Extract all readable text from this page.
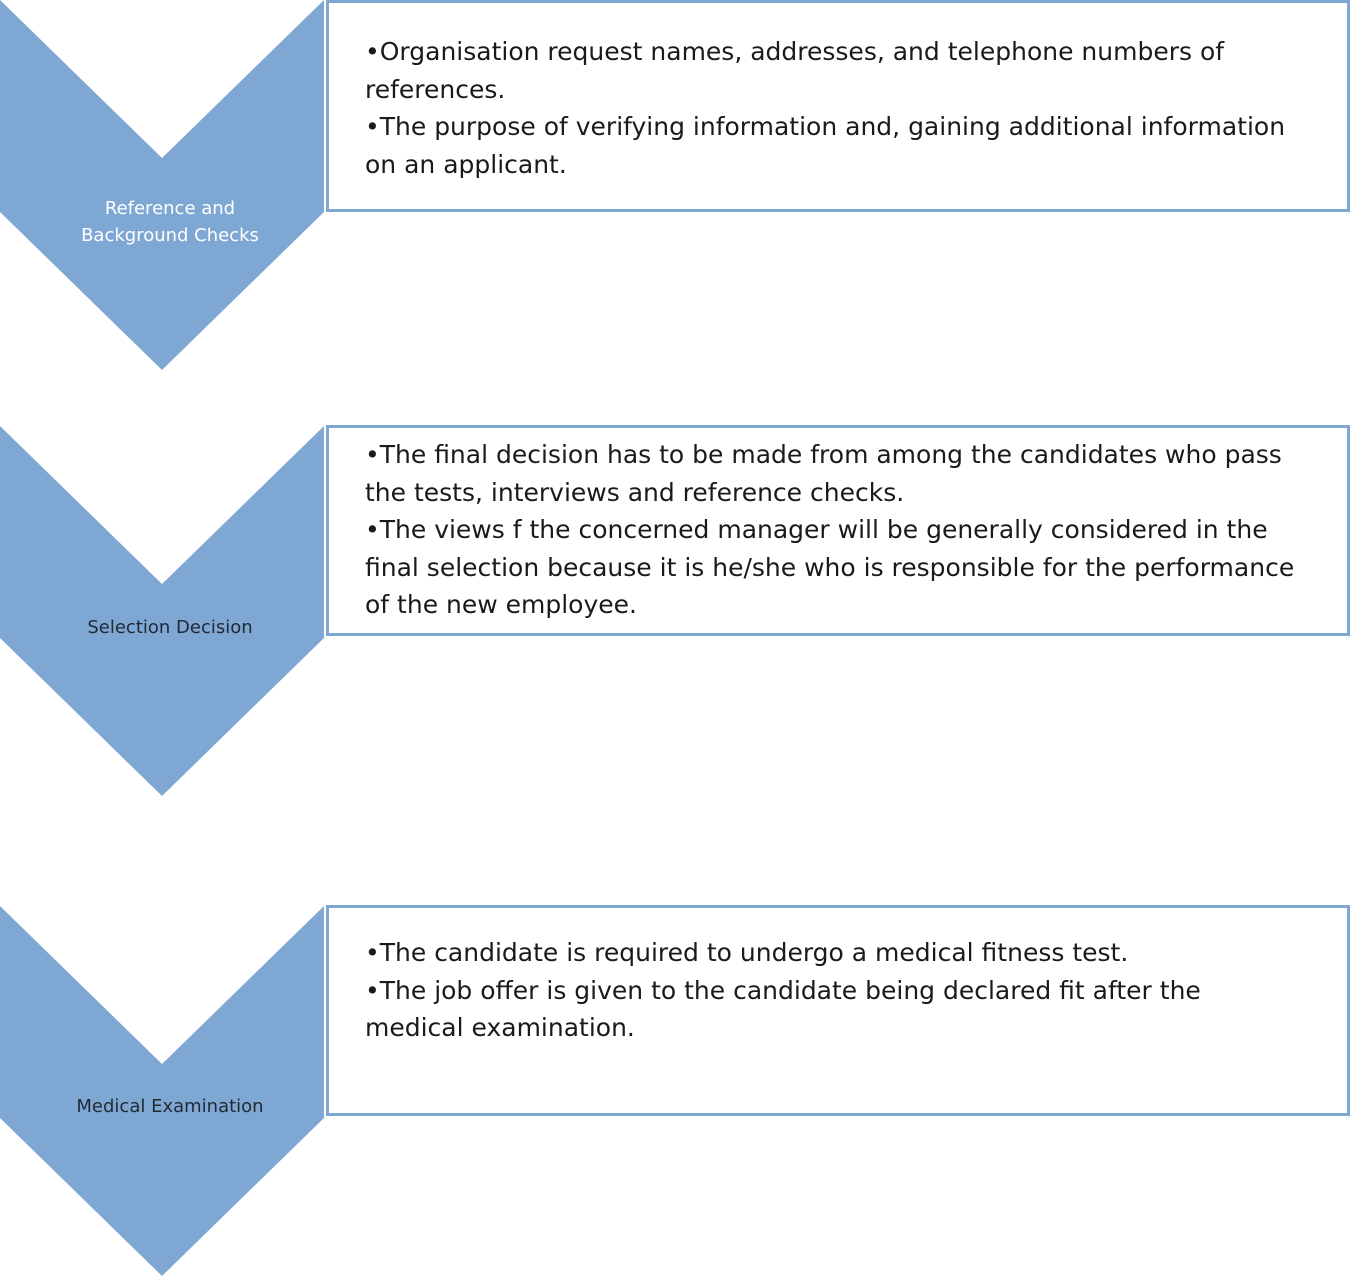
Reference and Background Checks

•Organisation request names, addresses, and telephone numbers of references.

•The purpose of verifying information and, gaining additional information on an applicant.

Selection Decision

•The final decision has to be made from among the candidates who pass the tests, interviews and reference checks.

•The views f the concerned manager will be generally considered in the final selection because it is he/she who is responsible for the performance of the new employee.

Medical Examination

•The candidate is required to undergo a medical fitness test.

•The job offer is given to the candidate being declared fit after the medical examination.
